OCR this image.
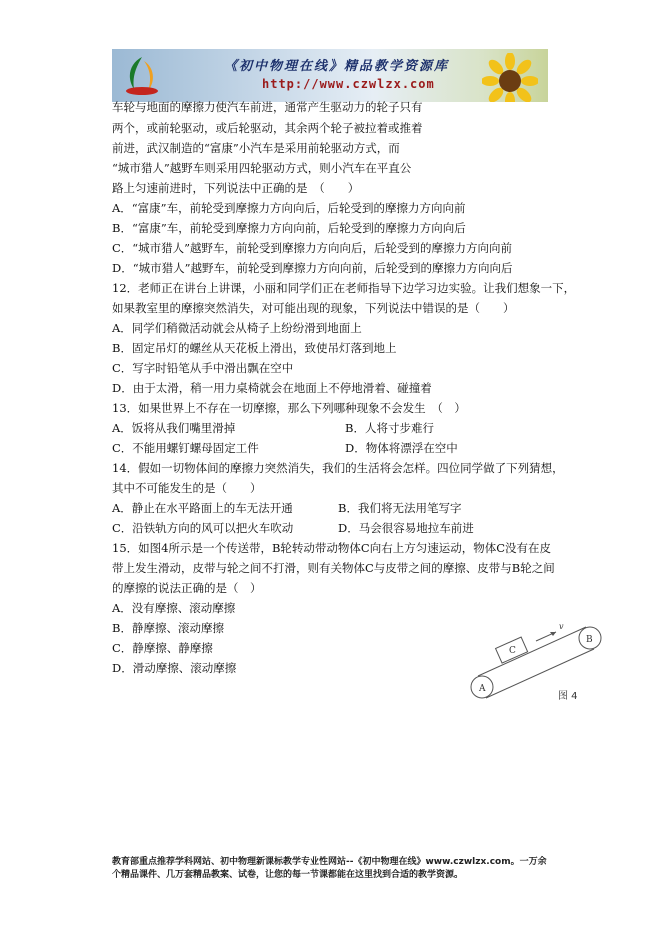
《初中物理在线》精品教学资源库
http://www.czwlzx.com
车轮与地面的摩擦力使汽车前进，通常产生驱动力的轮子只有
两个，或前轮驱动，或后轮驱动，其余两个轮子被拉着或推着
前进，武汉制造的“富康”小汽车是采用前轮驱动方式，而
“城市猎人”越野车则采用四轮驱动方式，则小汽车在平直公
路上匀速前进时，下列说法中正确的是　（　　）
A．“富康”车，前轮受到摩擦力方向向后，后轮受到的摩擦力方向向前
B．“富康”车，前轮受到摩擦力方向向前，后轮受到的摩擦力方向向后
C．“城市猎人”越野车，前轮受到摩擦力方向向后，后轮受到的摩擦力方向向前
D．“城市猎人”越野车，前轮受到摩擦力方向向前，后轮受到的摩擦力方向向后
12．老师正在讲台上讲课，小丽和同学们正在老师指导下边学习边实验。让我们想象一下，
如果教室里的摩擦突然消失，对可能出现的现象，下列说法中错误的是（　　）
A．同学们稍微活动就会从椅子上纷纷滑到地面上
B．固定吊灯的螺丝从天花板上滑出，致使吊灯落到地上
C．写字时铅笔从手中滑出飘在空中
D．由于太滑，稍一用力桌椅就会在地面上不停地滑着、碰撞着
13．如果世界上不存在一切摩擦，那么下列哪种现象不会发生　（　）
A．饭将从我们嘴里滑掉	B．人将寸步难行
C．不能用螺钉螺母固定工件	D．物体将漂浮在空中
14．假如一切物体间的摩擦力突然消失，我们的生活将会怎样。四位同学做了下列猜想，
其中不可能发生的是（　　）
A．静止在水平路面上的车无法开通	B．我们将无法用笔写字
C．沿铁轨方向的风可以把火车吹动	D．马会很容易地拉车前进
15．如图4所示是一个传送带，B轮转动带动物体C向右上方匀速运动，物体C没有在皮
带上发生滑动，皮带与轮之间不打滑，则有关物体C与皮带之间的摩擦、皮带与B轮之间
的摩擦的说法正确的是（　）
A．没有摩擦、滚动摩擦
B．静摩擦、滚动摩擦
C．静摩擦、静摩擦
D．滑动摩擦、滚动摩擦
A
B
C
v
图 4
教育部重点推荐学科网站、初中物理新课标教学专业性网站--《初中物理在线》www.czwlzx.com。一万余
个精品课件、几万套精品教案、试卷，让您的每一节课都能在这里找到合适的教学资源。
